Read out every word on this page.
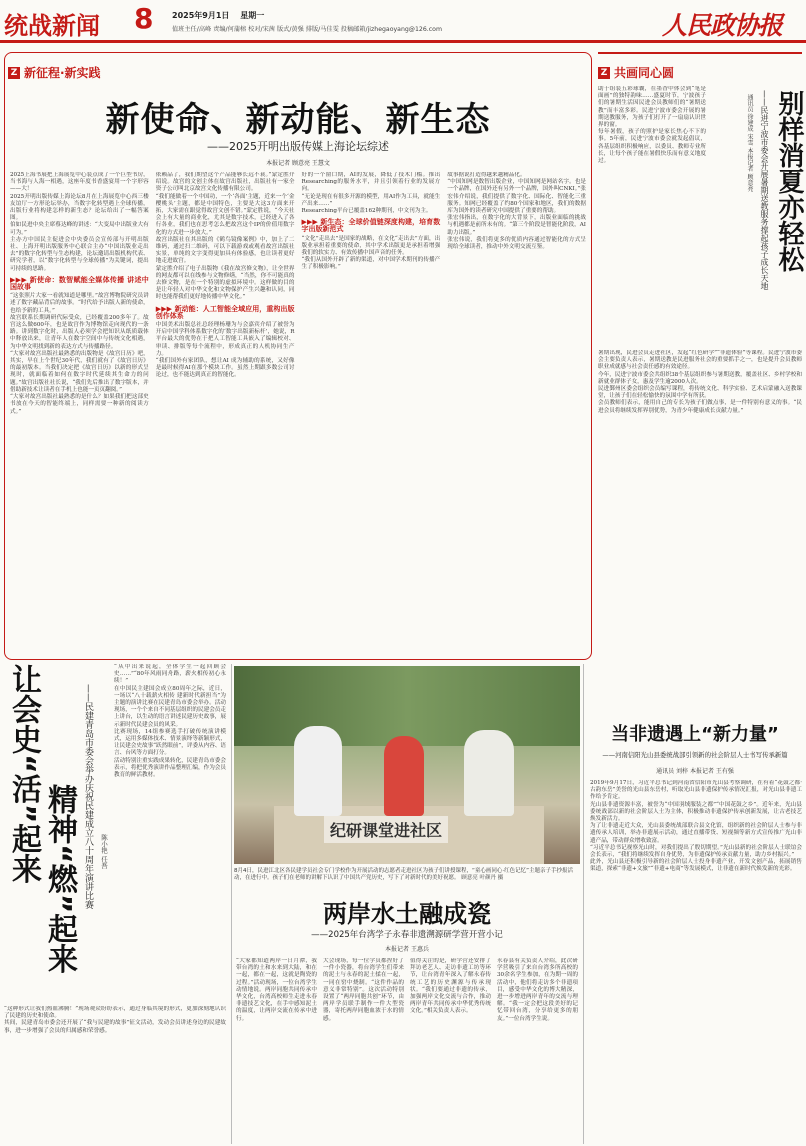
统战新闻 8 2025年9月1日 星期一
值班主任/高峰 责编/何蒲榕 校对/宋茜 版式/黄强 排版/马佳雯 投稿邮箱/jizhegaoyang@126.com	人民政协报
Z 新征程·新实践
新使命、新动能、新生态
——2025开明出版传媒上海论坛综述
本报记者 顾意亮 王慧文

2025上海书展把上海展览中心装点成了一个巨型书房，当书海与人海一相遇，这座年度书香盛宴用一个字形容——大！

2025开明出版传媒上海论坛8月在上海展览中心西三楼友谊厅一方形论坛举办，当数字化转型遇上全球传播，出版行业将构建怎样的新生态？论坛给出了一幅答案图。

伯如民进中央主席蔡达峰的讲述：“大变局中出版业大有可为。”

主办方中国民主促进会中央委员会宣传部与开明出版社、上海开明出版服务中心联合主办“中国出版业走出去”的数字化转型与生态构建，论坛邀请出版机构代表、研究学者，以“数字化转型与全球传播”为关键词，提出可持续的思路。

▶▶▶ 新使命：数智赋能全媒体传播 讲述中国故事

“这张照片大家一看就知道是哪里。”故宫博物院研究员讲述了数字藏品背后的故事。“时代给予出版人新的使命，也给予新的工具。”

故宫联系长期调研代际受众，已经覆盖200多年了。故宫这么做600年，也是故宫作为博物馆走向现代的一条路。讲到数字化时，出版人必须学会把知识从纸质载体中释放出来，让青年人在数字空间中与传统文化相遇，为中华文明找到新的表达方式与传播路径。

“大家对故宫出版社最熟悉的出版物是《故宫日历》吧，其实，早在上个世纪30年代，我们就有了《故宫日历》的最初版本。当我们决定把《故宫日历》以新的形式呈现时，就面临着如何在数字时代延续其生命力的问题。”故宫出版社社长说，“我们先后推出了数字版本，并借助新技术让读者在手机上也能一页页翻阅。”

“大家对故宫出版社最熟悉的是什么？如果我们把这部史书放在今天的智能终端上，同样需要一种新的阅读方式。”

依赖品了，我们期望这个产品能够长远不衰。”蒙定胜介绍说。故宫的文创主体在故宫出版社，出版社有一家全资子公司叫北京故宫文化传播有限公司。

“我们能做着一个中国功，一个‘各面’主题，近来一个‘金樱桃头’主题，都是中国特色，主要是大这3方面来开拓，大家需在跟觉得故宫文创不错。”蒙定胜说，“今天社会上有大量的商业化，尤其是数字技术，已经进入了各行各业，我们也在思考怎么把故宫这个IP的价值用数字化的方式进一步放大。”

故宫出版社在其出版的《鹤鸟镜像案例》中，加上了二维码，通过扫二维码，可以下载游戏或观看故宫出版社实景，单纯的文字变得更加具有体验感，也让读者更好地走进故宫。

蒙定胜介绍了电子出版物《我在故宫修文物》，让全世界的网友都可以在线参与文物修缮，“当然，你不可能真的去修文物，是在一个特别的虚拟环境中。这样做的目的是让年轻人对中华文化和文物保护产生兴趣和认同，同时也能帮我们更好地传播中华文化。”

▶▶▶ 新动能：人工智能全域应用，重构出版创作体系

中国美术出版总社总经理杨珊为与会嘉宾介绍了被誉为开启中国学科体系数字化的‘数字出版新标杆’，她说，R平台最大的优势在于把人工智能工具嵌入了编辑校对、审读、排版等每个流程中，形成真正的人机协同生产力。

“我们国外有家团队，想让AI 成为辅助的系统，又好像是最时候得AI在那个模块工作。虽然上期跟多数公司讨论过，也不能达到真正的智能化。

好的一个窗口期，AI的发展，降低了技术门槛。推出Researching的服务水平，并且引领着行业的发展方向。

“无论是现在有很多开源的模型，用AI作为工具，就能生产出来……”

Researching平台已覆盖162种期刊，中文刊为主。

▶▶▶ 新生态：全球价值链深度构建，培育数字出版新范式

“文化”走出去”是国家的战略，在文化“走出去”方面，出版业承担着重要的使命，其中学术出版更是承担着增强我们的软实力、有效传播中国声音的任务。

“我们从国外开辟了新的渠道，对中国学术期刊的传播产生了积极影响。”

故事据说打造得越来越精品化。

“中国知网是数智出版企业，中国知网是网站名字。也是一个品牌，在国外还有另外一个品牌，国外叫CNKI。”张宏伟介绍说，我们提供了数字化、国际化、智能化三重服务。知网已经覆盖了约80个国家和地区，我们的数据库为国外的读者研究中国提供了重要的帮助。

张宏伟指出，在数字化的大背景下，出版业面临的挑战与机遇都是前所未有的。“第三个阶段是智能化阶段，AI助力出版。”

张宏伟说，我们将更多的优质内容通过智能化的方式呈现给全球读者，推动中外文明交流互鉴。

Z 共画同心圆
别样消夏亦轻松
——民进宁波市委会开展暑期送教服务撑起孩子成长天地
通讯员 徐建成 宋雪 本报记者 顾意亮

助于组装五彩球囊，在墨香中体会到“笔是面画”的独特韵味……盛夏时节，宁波孩子们的暑期生活因民进会员教师们的“暑期送教”而丰富多彩。民进宁波市委会开展的暑期送教服务，为孩子们打开了一扇扇认识世界的窗。

每年暑假，孩子的照护是家长焦心不下的事。5年前，民进宁波市委会就发起倡议，各基层组织积极响应，以委员、教师专业所长，让每个孩子能在暑假快乐而有意义地度过。

暑期出现，民进会员走进社区，发起“红色研学”“非遗体验”等课程。民进宁波市委会主要负责人表示，暑期送教是民进服务社会的重要抓手之一，也是提升会员教师职业成就感与社会责任感的有效途径。

今年，民进宁波市委会共组织38个基层组织参与暑期送教，覆盖社区、乡村学校和新就业群体子女，惠及学生逾2000人次。

民进鄞州区委会组织会员编写课程，将传统文化、科学实验、艺术启蒙融入送教课堂，让孩子们在轻松愉快的氛围中学有所获。

会员教师们表示，能用自己的专长为孩子们做点事，是一件特别有意义的事。“民进会员将继续发挥界别优势，为青少年健康成长贡献力量。”

让会史“活”起来 精神“燃”起来 ——民建青岛市委会举办庆祝民建成立八十周年演讲比赛	陈小艳 任吾

“从中出来说起，全体学生一起回顾会史……”“80年风雨同舟路，薪火相传初心永续！”

在中国民主建国会成立80周年之际，近日，一场以“八十载薪火相传 建新时代新担当”为主题的演讲比赛在民建青岛市委会举办。活动现场，一个个来自不同基层组织的民建会员走上讲台，以生动的语言讲述民建历史故事，展示新时代民建会员的风采。

比赛现场，14组参赛选手打破传统演讲模式，运用多媒体技术、情景演绎等新颖形式，让民建会史故事“跃然眼前”，评委从内容、语言、台风等方面打分。

活动特别注重实践成果转化，民建青岛市委会表示，将把优秀演讲作品整理汇编，作为会员教育的鲜活教材。

“这种形式让我们热血沸腾！”现场观众纷纷表示，通过身临其境的形式，更加深刻地认识了民建的历史和使命。

其间，民建青岛市委会还开展了“我与民建的故事”征文活动，发动会员讲述身边的民建故事，进一步增强了会员的归属感和荣誉感。

纪研课堂进社区
8月4日，民进江北区各民建学员社会专门学校作为开展活动的志愿者走进社区为孩子们讲授课程，“童心画同心·红色记忆”主题亲子手抄报活动，在进行中。孩子们在老师的讲解下认识了中国共产党历史，写下了对新时代的美好祝愿。 顾意亮 叶颜丹 摄
两岸水土融成瓷
——2025年台湾学子永春非遗溯源研学营开营小记
本报记者 王惠兵
“大家都知道两岸一日月潭，我带台湾的土和水来到大陆，和在一起，都在一起，这就是陶瓷的过程。”活动现场，一位台湾学生动情地说。两岸同胞共同传承中华文化，台湾高校师生走进永春非遗技艺文化，在手中感知泥土的温度，让两岸交流在传承中进行。
大会现场，每一位学员都捏好了一件小瓷器，将台湾学生们带来的泥土与永春的泥土揉在一起，一同在窑中烧制。“这件作品的意义非常特别”。这次活动特别设置了“两岸同胞共创”环节，由两岸学员联手制作一件大型瓷器，寄托两岸同胞血浓于水的情感。
值得关注的是，研学营还安排了拜访老艺人、走访非遗工坊等环节，让台湾青年深入了解永春传统工艺的历史渊源与传承现状。“我们要通过非遗的传承，加强两岸文化交流与合作，推动两岸青年共同传承中华优秀传统文化。”相关负责人表示。
永春县有关负责人介绍，此次研学营吸引了来自台湾多所高校的30余名学生参加，在为期一周的活动中，他们将走访多个非遗项目，感受中华文化的博大精深，进一步增进两岸青年的交流与理解。“我一定会把这段美好的记忆带回台湾，分享给更多的朋友。”一位台湾学生说。
当非遗遇上“新力量”
——河南信阳光山县委统战部引领新的社会阶层人士书写传承新篇
通讯员 刘梓 本报记者 王有强

2019年9月17日，习近平总书记到河南省信阳市光山县考察调研，在有着“花鼓之都·古韵东岳”美誉的光山县东岳村，听取光山县非遗保护传承情况汇报，对光山县非遗工作给予肯定。

光山县非遗资源丰富，被誉为“中国羽绒服装之都”“中国花鼓之乡”。近年来，光山县委统战部以新的社会阶层人士为主体，积极推动非遗保护传承创新发展，让古老技艺焕发新活力。

为了让非遗走近大众，光山县委统战部联合县文化馆，组织新的社会阶层人士参与非遗传承人培训，举办非遗展示活动，通过直播带货、短视频等新方式宣传推广光山非遗产品，带动群众增收致富。

“习近平总书记视察光山时，对我们提出了殷切期望。”光山县新的社会阶层人士联谊会会长表示，“我们将继续发挥自身优势，为非遗保护传承贡献力量，助力乡村振兴。”

此外，光山县还积极引导新的社会阶层人士投身非遗产业，开发文创产品，拓展销售渠道，探索“非遗+文旅”“非遗+电商”等发展模式，让非遗在新时代焕发新的光彩。
